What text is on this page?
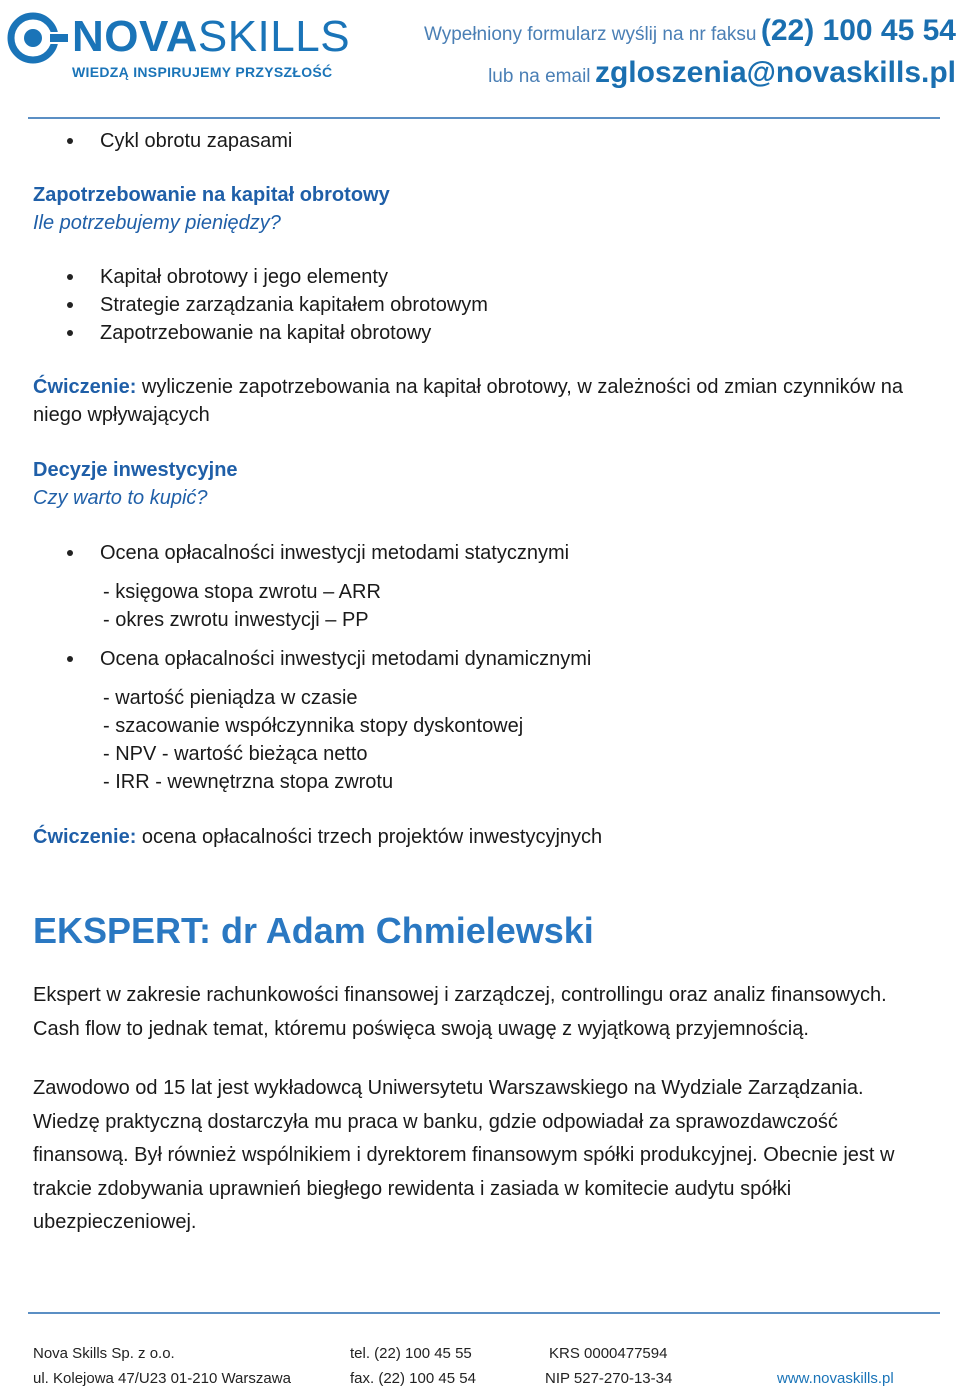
NOVASKILLS
WIEDZĄ INSPIRUJEMY PRZYSZŁOŚĆ
Wypełniony formularz wyślij na nr faksu (22) 100 45 54
lub na email zgloszenia@novaskills.pl
Cykl obrotu zapasami
Zapotrzebowanie na kapitał obrotowy
Ile potrzebujemy pieniędzy?
Kapitał obrotowy i jego elementy
Strategie zarządzania kapitałem obrotowym
Zapotrzebowanie na kapitał obrotowy
Ćwiczenie: wyliczenie zapotrzebowania na kapitał obrotowy, w zależności od zmian czynników na
niego wpływających
Decyzje inwestycyjne
Czy warto to kupić?
Ocena opłacalności inwestycji metodami statycznymi
- księgowa stopa zwrotu – ARR
- okres zwrotu inwestycji – PP
Ocena opłacalności inwestycji metodami dynamicznymi
- wartość pieniądza w czasie
- szacowanie współczynnika stopy dyskontowej
- NPV - wartość bieżąca netto
- IRR - wewnętrzna stopa zwrotu
Ćwiczenie: ocena opłacalności trzech projektów inwestycyjnych
EKSPERT: dr Adam Chmielewski
Ekspert w zakresie rachunkowości finansowej i zarządczej, controllingu oraz analiz finansowych.
Cash flow to jednak temat, któremu poświęca swoją uwagę z wyjątkową przyjemnością.
Zawodowo od 15 lat jest wykładowcą Uniwersytetu Warszawskiego na Wydziale Zarządzania.
Wiedzę praktyczną dostarczyła mu praca w banku, gdzie odpowiadał za sprawozdawczość
finansową. Był również wspólnikiem i dyrektorem finansowym spółki produkcyjnej. Obecnie jest w
trakcie zdobywania uprawnień biegłego rewidenta i zasiada w komitecie audytu spółki
ubezpieczeniowej.
Nova Skills Sp. z o.o.
ul. Kolejowa 47/U23 01-210 Warszawa
tel. (22) 100 45 55
fax. (22) 100 45 54
KRS 0000477594
NIP 527-270-13-34	www.novaskills.pl
